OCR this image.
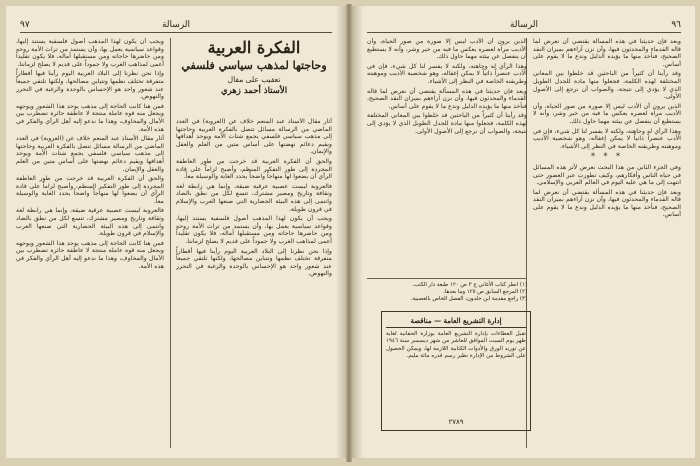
الرسالة
٩٧
الفكرة العربية
وحاجتها لمذهب سياسي فلسفي
تعقيب على مقال
الأستاذ أحمد زهري

أثار مقال الأستاذ عبد المنعم خلاف عن (العروبة) في العدد الماضي من الرسالة مسائل تتصل بالفكرة العربية وحاجتها إلى مذهب سياسي فلسفي يجمع شتات الأمة ويوحد أهدافها ويقيم دعائم نهضتها على أساس متين من العلم والعقل والإيمان.

والحق أن الفكرة العربية قد خرجت من طور العاطفة المجردة إلى طور التفكير المنظم، وأصبح لزاماً على قادة الرأي أن يضعوا لها منهاجاً واضحاً يحدد الغاية والوسيلة معاً.

فالعروبة ليست عصبية عرقية ضيقة، وإنما هي رابطة لغة وثقافة وتاريخ ومصير مشترك، تتسع لكل من نطق بالضاد وانتمى إلى هذه البيئة الحضارية التي صنعها العرب والإسلام في قرون طويلة.

ويجب أن يكون لهذا المذهب أصول فلسفية يستند إليها، وقواعد سياسية يعمل بها، وأن يستمد من تراث الأمة روحه ومن حاضرها حاجاته ومن مستقبلها آماله، فلا يكون تقليداً أعمى لمذاهب الغرب ولا جموداً على قديم لا يصلح لزماننا.

وإذا نحن نظرنا إلى البلاد العربية اليوم رأينا فيها أقطاراً متفرقة تختلف نظمها وتتباين مصالحها، ولكنها تلتقي جميعاً عند شعور واحد هو الإحساس بالوحدة والرغبة في التحرر والنهوض.

ويجب أن يكون لهذا المذهب أصول فلسفية يستند إليها، وقواعد سياسية يعمل بها، وأن يستمد من تراث الأمة روحه ومن حاضرها حاجاته ومن مستقبلها آماله، فلا يكون تقليداً أعمى لمذاهب الغرب ولا جموداً على قديم لا يصلح لزماننا.

وإذا نحن نظرنا إلى البلاد العربية اليوم رأينا فيها أقطاراً متفرقة تختلف نظمها وتتباين مصالحها، ولكنها تلتقي جميعاً عند شعور واحد هو الإحساس بالوحدة والرغبة في التحرر والنهوض.

فمن هنا كانت الحاجة إلى مذهب يوحد هذا الشعور ويوجهه ويجعل منه قوة عاملة منتجة لا عاطفة حائرة تضطرب بين الآمال والمخاوف، وهذا ما ندعو إليه أهل الرأي والفكر في هذه الأمة.

أثار مقال الأستاذ عبد المنعم خلاف عن (العروبة) في العدد الماضي من الرسالة مسائل تتصل بالفكرة العربية وحاجتها إلى مذهب سياسي فلسفي يجمع شتات الأمة ويوحد أهدافها ويقيم دعائم نهضتها على أساس متين من العلم والعقل والإيمان.

والحق أن الفكرة العربية قد خرجت من طور العاطفة المجردة إلى طور التفكير المنظم، وأصبح لزاماً على قادة الرأي أن يضعوا لها منهاجاً واضحاً يحدد الغاية والوسيلة معاً.

فالعروبة ليست عصبية عرقية ضيقة، وإنما هي رابطة لغة وثقافة وتاريخ ومصير مشترك، تتسع لكل من نطق بالضاد وانتمى إلى هذه البيئة الحضارية التي صنعها العرب والإسلام في قرون طويلة.

فمن هنا كانت الحاجة إلى مذهب يوحد هذا الشعور ويوجهه ويجعل منه قوة عاملة منتجة لا عاطفة حائرة تضطرب بين الآمال والمخاوف، وهذا ما ندعو إليه أهل الرأي والفكر في هذه الأمة.

الرسالة	٩٦

وبعد فإن حديثنا في هذه المسألة يقتضي أن نعرض لما قاله القدماء والمحدثون فيها، وأن نزن آراءهم بميزان النقد الصحيح، فنأخذ منها ما يؤيده الدليل وندع ما لا يقوم على أساس.

وقد رأينا أن كثيراً من الباحثين قد خلطوا بين المعاني المختلفة لهذه الكلمة، فجعلوا منها مادة للجدل الطويل الذي لا يؤدي إلى نتيجة، والصواب أن نرجع إلى الأصول الأولى.

الذين يرون أن الأدب ليس إلا صورة من صور الحياة، وأن الأديب مرآة لعصره يعكس ما فيه من خير وشر، وأنه لا يستطيع أن ينفصل عن بيئته مهما حاول ذلك.

وهذا الرأي له وجاهته، ولكنه لا يفسر لنا كل شيء، فإن في الأدب عنصراً ذاتياً لا يمكن إغفاله، وهو شخصية الأديب وموهبته وطريقته الخاصة في النظر إلى الأشياء.

* * *

وفي الجزء الثاني من هذا البحث نعرض لأثر هذه المسائل في حياة الناس وأفكارهم، وكيف تطورت عبر العصور حتى انتهت إلى ما هي عليه اليوم في العالم العربي والإسلامي.

وبعد فإن حديثنا في هذه المسألة يقتضي أن نعرض لما قاله القدماء والمحدثون فيها، وأن نزن آراءهم بميزان النقد الصحيح، فنأخذ منها ما يؤيده الدليل وندع ما لا يقوم على أساس.

الذين يرون أن الأدب ليس إلا صورة من صور الحياة، وأن الأديب مرآة لعصره يعكس ما فيه من خير وشر، وأنه لا يستطيع أن ينفصل عن بيئته مهما حاول ذلك.

وهذا الرأي له وجاهته، ولكنه لا يفسر لنا كل شيء، فإن في الأدب عنصراً ذاتياً لا يمكن إغفاله، وهو شخصية الأديب وموهبته وطريقته الخاصة في النظر إلى الأشياء.

وبعد فإن حديثنا في هذه المسألة يقتضي أن نعرض لما قاله القدماء والمحدثون فيها، وأن نزن آراءهم بميزان النقد الصحيح، فنأخذ منها ما يؤيده الدليل وندع ما لا يقوم على أساس.

وقد رأينا أن كثيراً من الباحثين قد خلطوا بين المعاني المختلفة لهذه الكلمة، فجعلوا منها مادة للجدل الطويل الذي لا يؤدي إلى نتيجة، والصواب أن نرجع إلى الأصول الأولى.

(١) انظر كتاب الأغاني ج ٣ ص ١٢٠ طبعة دار الكتب.
(٢) المرجع السابق ص ١٢٥ وما بعدها.
(٣) راجع مقدمة ابن خلدون، الفصل الخاص بالعصبية.
إدارة التشريع العامة — مناقصة
تقبل العطاءات بإدارة التشريع العامة بوزارة الحقانية لغاية ظهر يوم السبت الموافق للعاشر من شهر ديسمبر سنة ١٩٤٦ عن توريد الورق والأدوات الكتابية اللازمة لها، ويمكن الحصول على الشروط من الإدارة نظير رسم قدره مائة مليم.
٢٧٨٩
